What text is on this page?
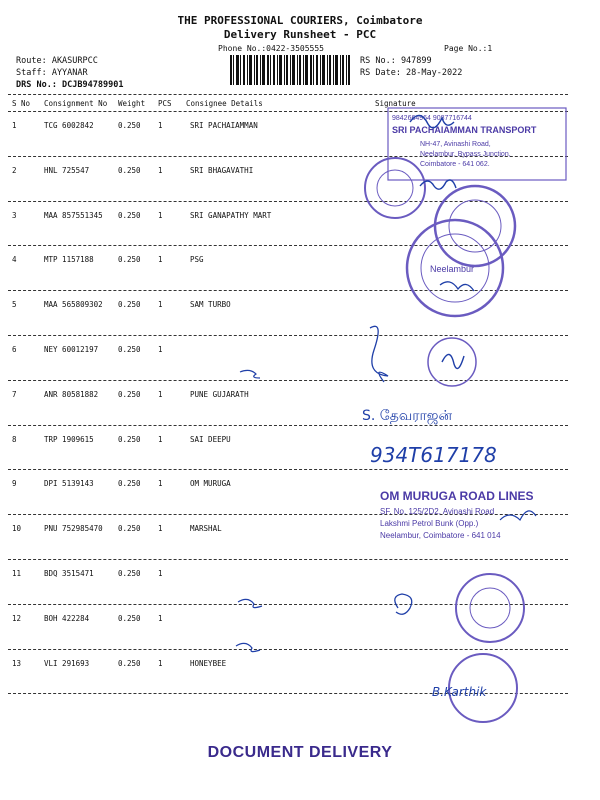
THE PROFESSIONAL COURIERS, Coimbatore
Delivery Runsheet - PCC
Phone No.:0422-3505555	Page No.:1
Route: AKASURPCC
Staff: AYYANAR
DRS No.: DCJB94789901
RS No.: 947899
RS Date: 28-May-2022
S No Consignment No Weight PCS Consignee Details	Signature
1	TCG 6002842	0.250 1	SRI PACHAIAMMAN
2	HNL 725547	0.250 1	SRI BHAGAVATHI
3	MAA 857551345 0.250 1	SRI GANAPATHY MART
4	MTP 1157188	0.250 1	PSG
5	MAA 565809302 0.250 1	SAM TURBO
6	NEY 60012197	0.250 1
7	ANR 80581882	0.250 1	PUNE GUJARATH
8	TRP 1909615	0.250 1	SAI DEEPU
9	DPI 5139143	0.250 1	OM MURUGA
10	PNU 752985470 0.250 1	MARSHAL
11	BDQ 3515471	0.250 1
12	BOH 422284	0.250 1
13	VLI 291693	0.250 1	HONEYBEE
9842664964 9087716744
SRI PACHAIAMMAN TRANSPORT
NH-47, Avinashi Road,
Neelambur, Bypass Junction,
Coimbatore - 641 062.
Neelambur
S. தேவராஜன்
934T617178
OM MURUGA ROAD LINES
SF. No. 125/2D2, Avinashi Road
Lakshmi Petrol Bunk (Opp.)
Neelambur, Coimbatore - 641 014
B.Karthik
DOCUMENT DELIVERY
